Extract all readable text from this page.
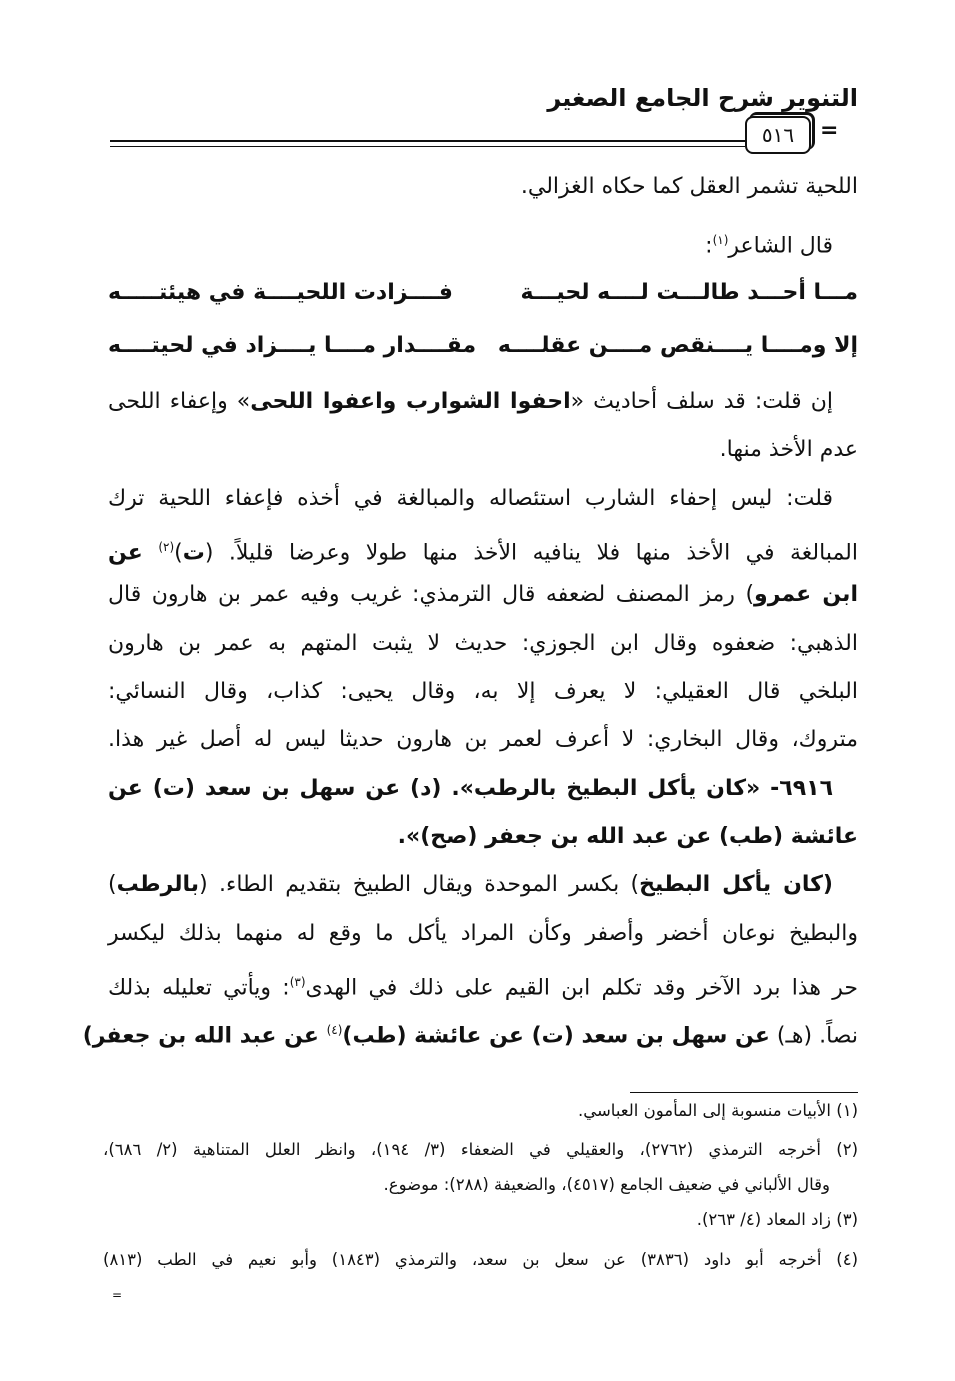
التنوير شرح الجامع الصغير
٥١٦	=
اللحية تشمر العقل كما حكاه الغزالي.
قال الشاعر$^{(١)}$:
مـــا أحـــد طالـــت لــــه لحيـــة
فــــزادت اللحيــــة في هيئتـــــه
إلا ومــــا يــــنقص مــــن عقلــــه
مقــــدار مــــا يــــزاد في لحيتــــه
إن قلت: قد سلف أحاديث «احفوا الشوارب واعفوا اللحى» وإعفاء اللحى
عدم الأخذ منها.
قلت: ليس إحفاء الشارب استئصاله والمبالغة في أخذه فإعفاء اللحية ترك
المبالغة في الأخذ منها فلا ينافيه الأخذ منها طولا وعرضا قليلاً. (ت)$^{(٢)}$ عن
ابن عمرو) رمز المصنف لضعفه قال الترمذي: غريب وفيه عمر بن هارون قال
الذهبي: ضعفوه وقال ابن الجوزي: حديث لا يثبت المتهم به عمر بن هارون
البلخي قال العقيلي: لا يعرف إلا به، وقال يحيى: كذاب، وقال النسائي:
متروك، وقال البخاري: لا أعرف لعمر بن هارون حديثا ليس له أصل غير هذا.
٦٩١٦- «كان يأكل البطيخ بالرطب». (د) عن سهل بن سعد (ت) عن
عائشة (طب) عن عبد الله بن جعفر (صح)».
(كان يأكل البطيخ) بكسر الموحدة ويقال الطبيخ بتقديم الطاء. (بالرطب)
والبطيخ نوعان أخضر وأصفر وكأن المراد يأكل ما وقع له منهما بذلك ليكسر
حر هذا برد الآخر وقد تكلم ابن القيم على ذلك في الهدى$^{(٣)}$: ويأتي تعليله بذلك
نصاً. (هـ) عن سهل بن سعد (ت) عن عائشة (طب)$^{(٤)}$ عن عبد الله بن جعفر)
(١) الأبيات منسوبة إلى المأمون العباسي.
(٢) أخرجه الترمذي (٢٧٦٢)، والعقيلي في الضعفاء (٣/ ١٩٤)، وانظر العلل المتناهية (٢/ ٦٨٦)،
وقال الألباني في ضعيف الجامع (٤٥١٧)، والضعيفة (٢٨٨): موضوع.
(٣) زاد المعاد (٤/ ٢٦٣).
(٤) أخرجه أبو داود (٣٨٣٦) عن سعل بن سعد، والترمذي (١٨٤٣) وأبو نعيم في الطب (٨١٣)
=
